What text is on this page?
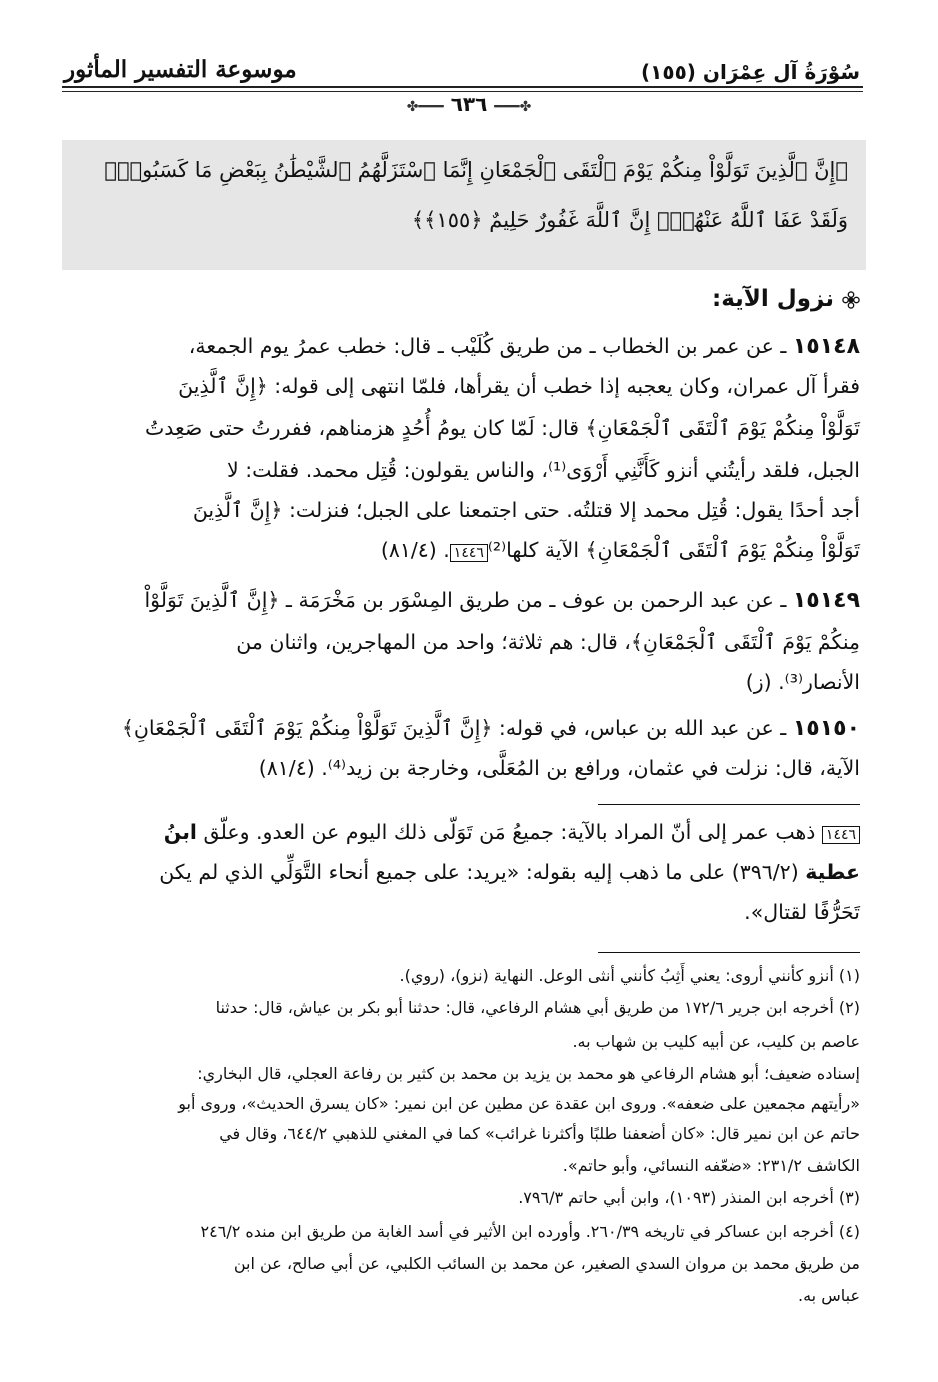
سُوْرَةُ آل عِمْرَان (١٥٥)
موسوعة التفسير المأثور
✤━━━ ٦٣٦ ━━━✤
﴿إِنَّ ٱلَّذِينَ تَوَلَّوْاْ مِنكُمْ يَوْمَ ٱلْتَقَى ٱلْجَمْعَانِ إِنَّمَا ٱسْتَزَلَّهُمُ ٱلشَّيْطَٰنُ بِبَعْضِ مَا كَسَبُواْۖ
وَلَقَدْ عَفَا ٱللَّهُ عَنْهُمْۗ إِنَّ ٱللَّهَ غَفُورٌ حَلِيمٌ ﴿١٥٥﴾﴾
نزول الآية:
١٥١٤٨ ـ عن عمر بن الخطاب ـ من طريق كُلَيْب ـ قال: خطب عمرُ يوم الجمعة،
فقرأ آل عمران، وكان يعجبه إذا خطب أن يقرأها، فلمّا انتهى إلى قوله: ﴿إِنَّ ٱلَّذِينَ
تَوَلَّوْاْ مِنكُمْ يَوْمَ ٱلْتَقَى ٱلْجَمْعَانِ﴾ قال: لَمّا كان يومُ أُحُدٍ هزمناهم، ففررتُ حتى صَعِدتُ
الجبل، فلقد رأيتُني أنزو كَأَنَّنِي أَرْوَى⁽¹⁾، والناس يقولون: قُتِل محمد. فقلت: لا
أجد أحدًا يقول: قُتِل محمد إلا قتلتُه. حتى اجتمعنا على الجبل؛ فنزلت: ﴿إِنَّ ٱلَّذِينَ
تَوَلَّوْاْ مِنكُمْ يَوْمَ ٱلْتَقَى ٱلْجَمْعَانِ﴾ الآية كلها⁽²⁾١٤٤٦. (٨١/٤)
١٥١٤٩ ـ عن عبد الرحمن بن عوف ـ من طريق المِسْوَر بن مَخْرَمَة ـ ﴿إِنَّ ٱلَّذِينَ تَوَلَّوْاْ
مِنكُمْ يَوْمَ ٱلْتَقَى ٱلْجَمْعَانِ﴾، قال: هم ثلاثة؛ واحد من المهاجرين، واثنان من
الأنصار⁽³⁾. (ز)
١٥١٥٠ ـ عن عبد الله بن عباس، في قوله: ﴿إِنَّ ٱلَّذِينَ تَوَلَّوْاْ مِنكُمْ يَوْمَ ٱلْتَقَى ٱلْجَمْعَانِ﴾
الآية، قال: نزلت في عثمان، ورافع بن المُعَلَّى، وخارجة بن زيد⁽⁴⁾. (٨١/٤)
١٤٤٦ ذهب عمر إلى أنّ المراد بالآية: جميعُ مَن تَوَلّى ذلك اليوم عن العدو. وعلّق ابنُ
عطية (٣٩٦/٢) على ما ذهب إليه بقوله: «يريد: على جميع أنحاء التَّوَلِّي الذي لم يكن
تَحَرُّفًا لقتال».
(١) أنزو كأنني أروى: يعني أَثِبُ كأنني أنثى الوعل. النهاية (نزو)، (روي).
(٢) أخرجه ابن جرير ١٧٢/٦ من طريق أبي هشام الرفاعي، قال: حدثنا أبو بكر بن عياش، قال: حدثنا
عاصم بن كليب، عن أبيه كليب بن شهاب به.
إسناده ضعيف؛ أبو هشام الرفاعي هو محمد بن يزيد بن محمد بن كثير بن رفاعة العجلي، قال البخاري:
«رأيتهم مجمعين على ضعفه». وروى ابن عقدة عن مطين عن ابن نمير: «كان يسرق الحديث»، وروى أبو
حاتم عن ابن نمير قال: «كان أضعفنا طلبًا وأكثرنا غرائب» كما في المغني للذهبي ٦٤٤/٢، وقال في
الكاشف ٢٣١/٢: «ضعّفه النسائي، وأبو حاتم».
(٣) أخرجه ابن المنذر (١٠٩٣)، وابن أبي حاتم ٧٩٦/٣.
(٤) أخرجه ابن عساكر في تاريخه ٢٦٠/٣٩. وأورده ابن الأثير في أسد الغابة من طريق ابن منده ٢٤٦/٢
من طريق محمد بن مروان السدي الصغير، عن محمد بن السائب الكلبي، عن أبي صالح، عن ابن
عباس به.
